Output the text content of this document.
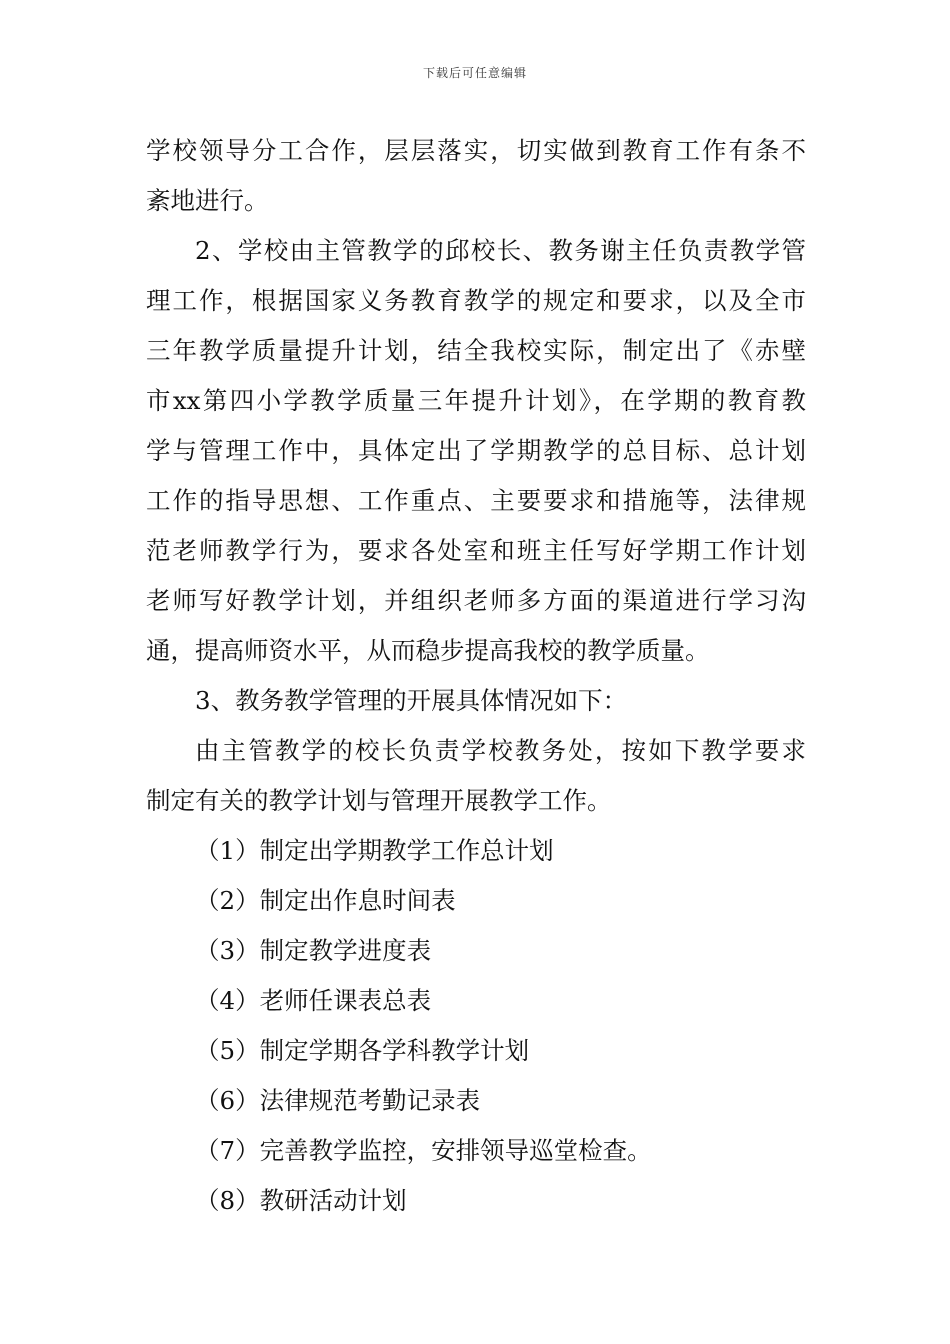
下载后可任意编辑
学校领导分工合作，层层落实，切实做到教育工作有条不
紊地进行。
2、学校由主管教学的邱校长、教务谢主任负责教学管
理工作，根据国家义务教育教学的规定和要求，以及全市
三年教学质量提升计划，结全我校实际，制定出了《赤壁
市xx第四小学教学质量三年提升计划》，在学期的教育教
学与管理工作中，具体定出了学期教学的总目标、总计划
工作的指导思想、工作重点、主要要求和措施等，法律规
范老师教学行为，要求各处室和班主任写好学期工作计划
老师写好教学计划，并组织老师多方面的渠道进行学习沟
通，提高师资水平，从而稳步提高我校的教学质量。
3、教务教学管理的开展具体情况如下：
由主管教学的校长负责学校教务处，按如下教学要求
制定有关的教学计划与管理开展教学工作。
（1）制定出学期教学工作总计划
（2）制定出作息时间表
（3）制定教学进度表
（4）老师任课表总表
（5）制定学期各学科教学计划
（6）法律规范考勤记录表
（7）完善教学监控，安排领导巡堂检查。
（8）教研活动计划
